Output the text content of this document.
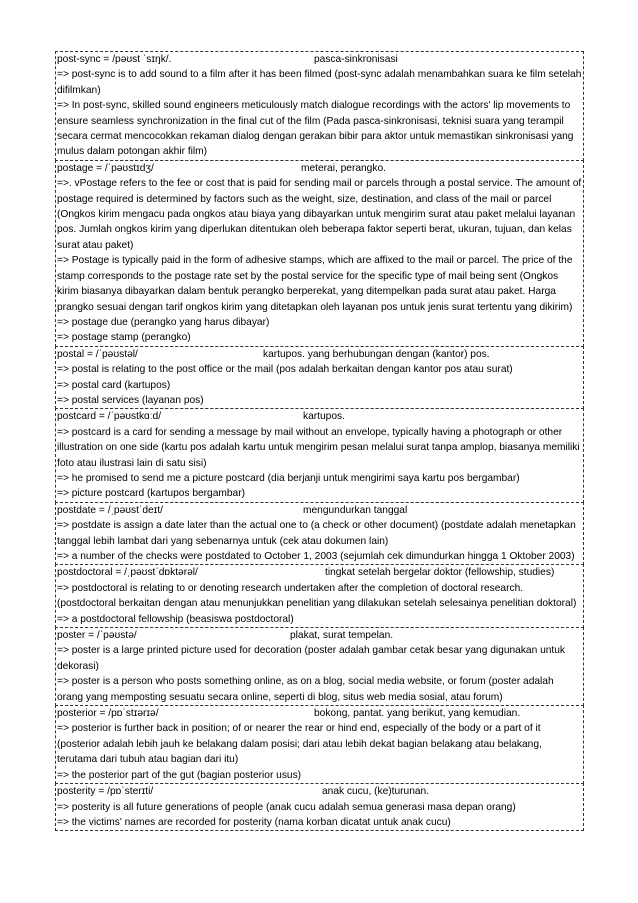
post-sync = /pəʊst ˈsɪŋk/.	pasca-sinkronisasi
=> post-sync is to add sound to a film after it has been filmed (post-sync adalah menambahkan suara ke film setelah difilmkan)
=> In post-sync, skilled sound engineers meticulously match dialogue recordings with the actors' lip movements to ensure seamless synchronization in the final cut of the film (Pada pasca-sinkronisasi, teknisi suara yang terampil secara cermat mencocokkan rekaman dialog dengan gerakan bibir para aktor untuk memastikan sinkronisasi yang mulus dalam potongan akhir film)
postage = /ˈpəʊstɪdʒ/	meterai, perangko.
=>. vPostage refers to the fee or cost that is paid for sending mail or parcels through a postal service. The amount of postage required is determined by factors such as the weight, size, destination, and class of the mail or parcel (Ongkos kirim mengacu pada ongkos atau biaya yang dibayarkan untuk mengirim surat atau paket melalui layanan pos. Jumlah ongkos kirim yang diperlukan ditentukan oleh beberapa faktor seperti berat, ukuran, tujuan, dan kelas surat atau paket)
=> Postage is typically paid in the form of adhesive stamps, which are affixed to the mail or parcel. The price of the stamp corresponds to the postage rate set by the postal service for the specific type of mail being sent (Ongkos kirim biasanya dibayarkan dalam bentuk perangko berperekat, yang ditempelkan pada surat atau paket. Harga prangko sesuai dengan tarif ongkos kirim yang ditetapkan oleh layanan pos untuk jenis surat tertentu yang dikirim)
=> postage due (perangko yang harus dibayar)
=> postage stamp (perangko)
postal = /ˈpəʊstəl/	kartupos. yang berhubungan dengan (kantor) pos.
=> postal is relating to the post office or the mail (pos adalah berkaitan dengan kantor pos atau surat)
=> postal card (kartupos)
=> postal services (layanan pos)
postcard = /ˈpəʊstkɑːd/	kartupos.
=> postcard is a card for sending a message by mail without an envelope, typically having a photograph or other illustration on one side (kartu pos adalah kartu untuk mengirim pesan melalui surat tanpa amplop, biasanya memiliki foto atau ilustrasi lain di satu sisi)
=> he promised to send me a picture postcard (dia berjanji untuk mengirimi saya kartu pos bergambar)
=> picture postcard (kartupos bergambar)
postdate = /ˌpəʊstˈdeɪt/	mengundurkan tanggal
=> postdate is assign a date later than the actual one to (a check or other document) (postdate adalah menetapkan tanggal lebih lambat dari yang sebenarnya untuk (cek atau dokumen lain)
=> a number of the checks were postdated to October 1, 2003 (sejumlah cek dimundurkan hingga 1 Oktober 2003)
postdoctoral = /ˌpəʊstˈdɒktərəl/	tingkat setelah bergelar doktor (fellowship, studies)
=> postdoctoral is relating to or denoting research undertaken after the completion of doctoral research. (postdoctoral berkaitan dengan atau menunjukkan penelitian yang dilakukan setelah selesainya penelitian doktoral)
=> a postdoctoral fellowship (beasiswa postdoctoral)
poster = /ˈpəʊstə/	plakat, surat tempelan.
=> poster is a large printed picture used for decoration (poster adalah gambar cetak besar yang digunakan untuk dekorasi)
=> poster is a person who posts something online, as on a blog, social media website, or forum (poster adalah orang yang memposting sesuatu secara online, seperti di blog, situs web media sosial, atau forum)
posterior = /pɒˈstɪərɪə/	bokong, pantat. yang berikut, yang kemudian.
=> posterior is further back in position; of or nearer the rear or hind end, especially of the body or a part of it (posterior adalah lebih jauh ke belakang dalam posisi; dari atau lebih dekat bagian belakang atau belakang, terutama dari tubuh atau bagian dari itu)
=> the posterior part of the gut (bagian posterior usus)
posterity = /pɒˈsterɪti/	anak cucu, (ke)turunan.
=> posterity is all future generations of people (anak cucu adalah semua generasi masa depan orang)
=> the victims' names are recorded for posterity (nama korban dicatat untuk anak cucu)
